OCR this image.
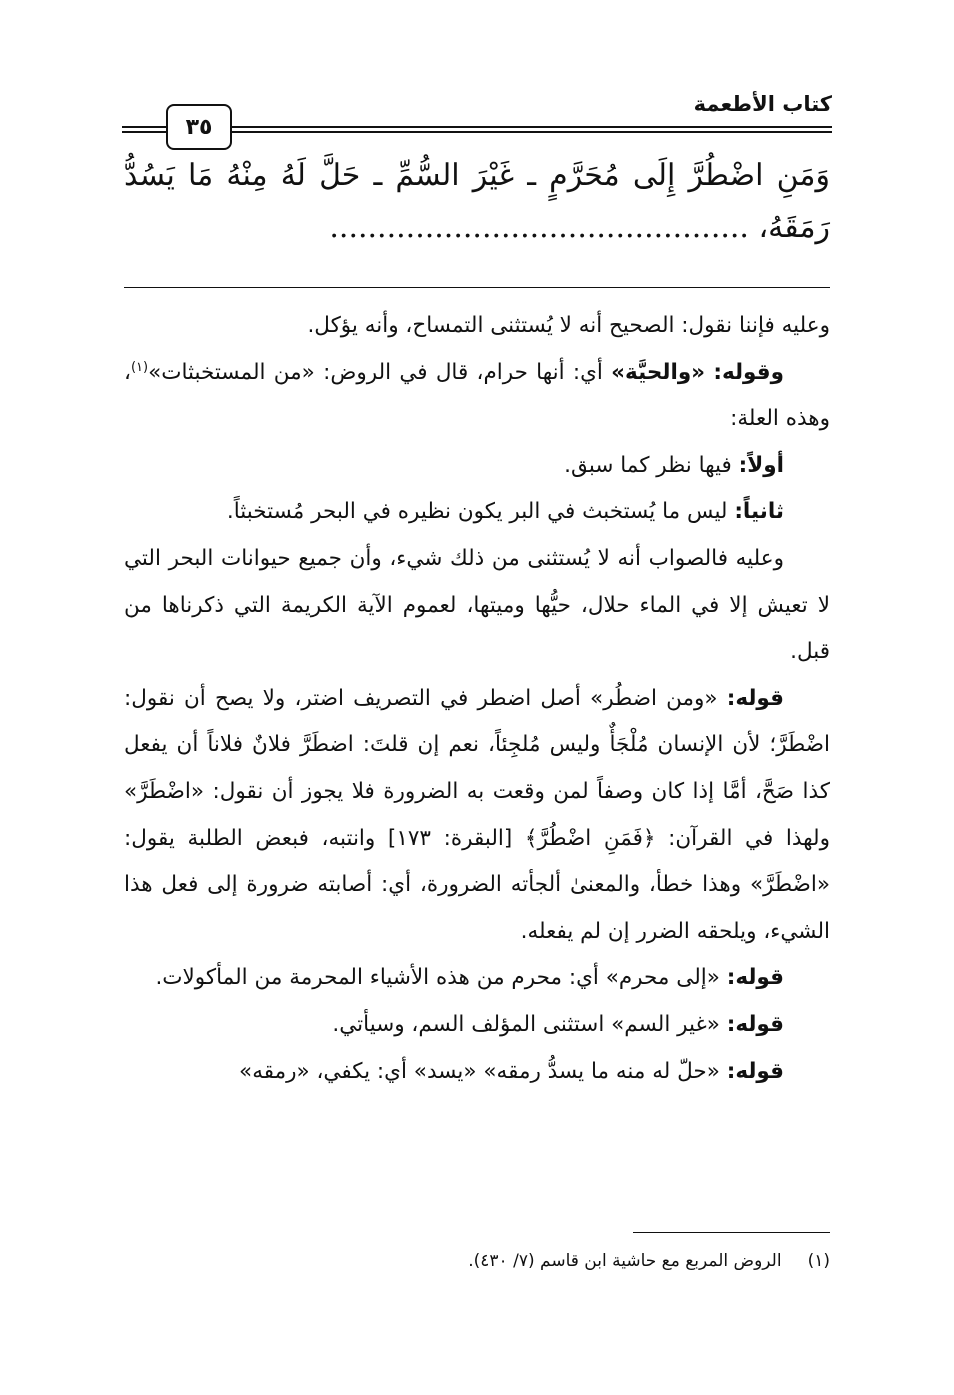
كتاب الأطعمة
٣٥
وَمَنِ اضْطُرَّ إِلَى مُحَرَّمٍ ـ غَيْرَ السُّمِّ ـ حَلَّ لَهُ مِنْهُ مَا يَسُدُّ
رَمَقَهُ، ............................................

وعليه فإننا نقول: الصحيح أنه لا يُستثنى التمساح، وأنه يؤكل.

وقوله: «والحيَّة» أي: أنها حرام، قال في الروض: «من المستخبثات»$^{(١)}$، وهذه العلة:

أولاً: فيها نظر كما سبق.

ثانياً: ليس ما يُستخبث في البر يكون نظيره في البحر مُستخبثاً.

وعليه فالصواب أنه لا يُستثنى من ذلك شيء، وأن جميع حيوانات البحر التي لا تعيش إلا في الماء حلال، حيُّها وميتها، لعموم الآية الكريمة التي ذكرناها من قبل.

قوله: «ومن اضطُر» أصل اضطر في التصريف اضتر، ولا يصح أن نقول: اضْطَرَّ؛ لأن الإنسان مُلْجَأٌ وليس مُلجِئاً، نعم إن قلتَ: اضطَرَّ فلانٌ فلاناً أن يفعل كذا صَحَّ، أمَّا إذا كان وصفاً لمن وقعت به الضرورة فلا يجوز أن نقول: «اضْطَرَّ» ولهذا في القرآن: ﴿فَمَنِ اضْطُرَّ﴾ [البقرة: ١٧٣] وانتبه، فبعض الطلبة يقول: «اضْطَرَّ» وهذا خطأ، والمعنىٰ ألجأته الضرورة، أي: أصابته ضرورة إلى فعل هذا الشيء، ويلحقه الضرر إن لم يفعله.

قوله: «إلى محرم» أي: محرم من هذه الأشياء المحرمة من المأكولات.

قوله: «غير السم» استثنى المؤلف السم، وسيأتي.

قوله: «حلّ له منه ما يسدُّ رمقه» «يسد» أي: يكفي، «رمقه»

(١)الروض المربع مع حاشية ابن قاسم (٧/ ٤٣٠).
